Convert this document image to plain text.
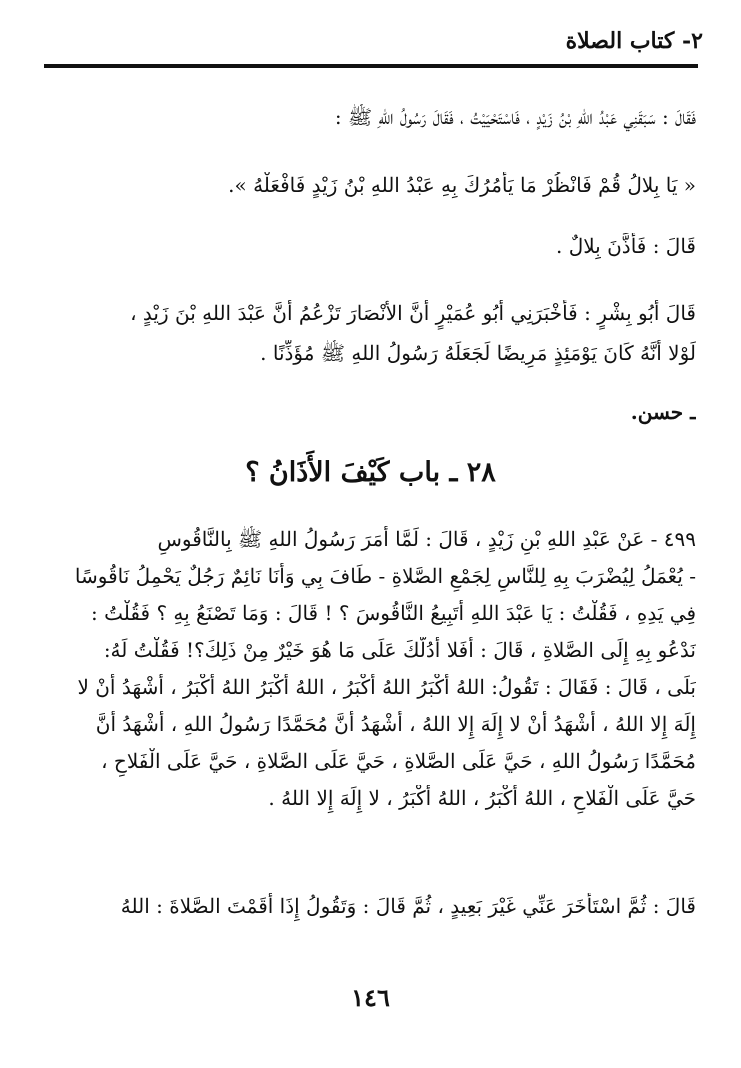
٢- كتاب الصلاة
فَقَالَ : سَبَقَنِي عَبْدُ اللهِ بْنُ زَيْدٍ ، فَاسْتَحْيَيْتُ ، فَقَالَ رَسُولُ اللهِ ﷺ :
« يَا بِلالُ قُمْ فَانْظُرْ مَا يَأْمُرُكَ بِهِ عَبْدُ اللهِ بْنُ زَيْدٍ فَافْعَلْهُ ».
قَالَ : فَأَذَّنَ بِلالٌ .
قَالَ أَبُو بِشْرٍ : فَأَخْبَرَنِي أَبُو عُمَيْرٍ أَنَّ الأَنْصَارَ تَزْعُمُ أَنَّ عَبْدَ اللهِ بْنَ زَيْدٍ ،
لَوْلا أَنَّهُ كَانَ يَوْمَئِذٍ مَرِيضًا لَجَعَلَهُ رَسُولُ اللهِ ﷺ مُؤَذِّنًا .
ـ حسن.
٢٨ ـ باب كَيْفَ الأَذَانُ ؟
٤٩٩ - عَنْ عَبْدِ اللهِ بْنِ زَيْدٍ ، قَالَ : لَمَّا أَمَرَ رَسُولُ اللهِ ﷺ بِالنَّاقُوسِ
- يُعْمَلُ لِيُضْرَبَ بِهِ لِلنَّاسِ لِجَمْعِ الصَّلاةِ - طَافَ بِي وَأَنَا نَائِمٌ رَجُلٌ يَحْمِلُ نَاقُوسًا
فِي يَدِهِ ، فَقُلْتُ : يَا عَبْدَ اللهِ أَتَبِيعُ النَّاقُوسَ ؟ ! قَالَ : وَمَا تَصْنَعُ بِهِ ؟ فَقُلْتُ :
نَدْعُو بِهِ إِلَى الصَّلاةِ ، قَالَ : أَفَلا أَدُلُّكَ عَلَى مَا هُوَ خَيْرٌ مِنْ ذَلِكَ؟! فَقُلْتُ لَهُ:
بَلَى ، قَالَ : فَقَالَ : تَقُولُ: اللهُ أَكْبَرُ اللهُ أَكْبَرُ ، اللهُ أَكْبَرُ اللهُ أَكْبَرُ ، أَشْهَدُ أَنْ لا
إِلَهَ إِلا اللهُ ، أَشْهَدُ أَنْ لا إِلَهَ إِلا اللهُ ، أَشْهَدُ أَنَّ مُحَمَّدًا رَسُولُ اللهِ ، أَشْهَدُ أَنَّ
مُحَمَّدًا رَسُولُ اللهِ ، حَيَّ عَلَى الصَّلاةِ ، حَيَّ عَلَى الصَّلاةِ ، حَيَّ عَلَى الْفَلاحِ ،
حَيَّ عَلَى الْفَلاحِ ، اللهُ أَكْبَرُ ، اللهُ أَكْبَرُ ، لا إِلَهَ إِلا اللهُ .
قَالَ : ثُمَّ اسْتَأْخَرَ عَنِّي غَيْرَ بَعِيدٍ ، ثُمَّ قَالَ : وَتَقُولُ إِذَا أَقَمْتَ الصَّلاةَ : اللهُ
١٤٦
